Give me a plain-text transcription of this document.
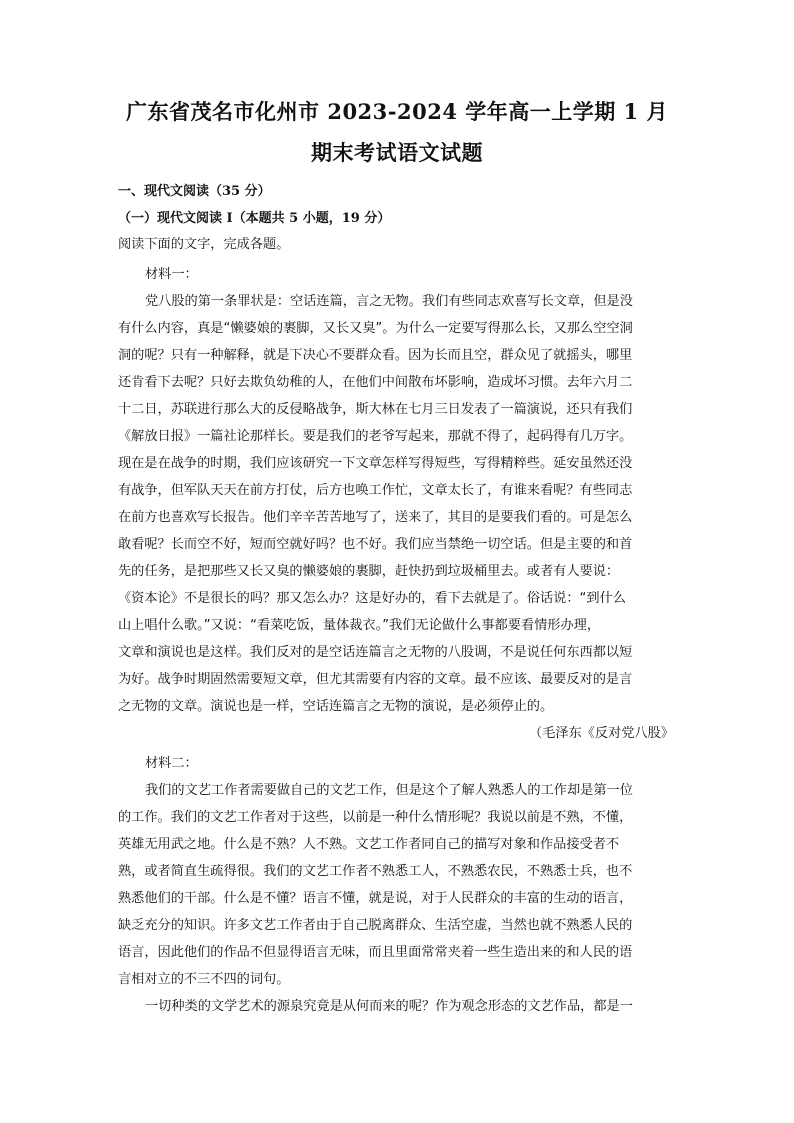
广东省茂名市化州市 2023-2024 学年高一上学期 1 月
期末考试语文试题
一、现代文阅读（35 分）
（一）现代文阅读 I（本题共 5 小题，19 分）
阅读下面的文字，完成各题。
材料一：
党八股的第一条罪状是：空话连篇，言之无物。我们有些同志欢喜写长文章，但是没
有什么内容，真是“懒婆娘的裹脚，又长又臭”。为什么一定要写得那么长，又那么空空洞
洞的呢？只有一种解释，就是下决心不要群众看。因为长而且空，群众见了就摇头，哪里
还肯看下去呢？只好去欺负幼稚的人，在他们中间散布坏影响，造成坏习惯。去年六月二
十二日，苏联进行那么大的反侵略战争，斯大林在七月三日发表了一篇演说，还只有我们
《解放日报》一篇社论那样长。要是我们的老爷写起来，那就不得了，起码得有几万字。
现在是在战争的时期，我们应该研究一下文章怎样写得短些，写得精粹些。延安虽然还没
有战争，但军队天天在前方打仗，后方也唤工作忙，文章太长了，有谁来看呢？有些同志
在前方也喜欢写长报告。他们辛辛苦苦地写了，送来了，其目的是要我们看的。可是怎么
敢看呢？长而空不好，短而空就好吗？也不好。我们应当禁绝一切空话。但是主要的和首
先的任务，是把那些又长又臭的懒婆娘的裹脚，赶快扔到垃圾桶里去。或者有人要说：
《资本论》不是很长的吗？那又怎么办？这是好办的，看下去就是了。俗话说：“到什么
山上唱什么歌。”又说：“看菜吃饭，量体裁衣。”我们无论做什么事都要看情形办理，
文章和演说也是这样。我们反对的是空话连篇言之无物的八股调，不是说任何东西都以短
为好。战争时期固然需要短文章，但尤其需要有内容的文章。最不应该、最要反对的是言
之无物的文章。演说也是一样，空话连篇言之无物的演说，是必须停止的。
（毛泽东《反对党八股》
材料二：
我们的文艺工作者需要做自己的文艺工作，但是这个了解人熟悉人的工作却是第一位
的工作。我们的文艺工作者对于这些，以前是一种什么情形呢？我说以前是不熟，不懂，
英雄无用武之地。什么是不熟？人不熟。文艺工作者同自己的描写对象和作品接受者不
熟，或者简直生疏得很。我们的文艺工作者不熟悉工人，不熟悉农民，不熟悉士兵，也不
熟悉他们的干部。什么是不懂？语言不懂，就是说，对于人民群众的丰富的生动的语言，
缺乏充分的知识。许多文艺工作者由于自己脱离群众、生活空虚，当然也就不熟悉人民的
语言，因此他们的作品不但显得语言无味，而且里面常常夹着一些生造出来的和人民的语
言相对立的不三不四的词句。
一切种类的文学艺术的源泉究竟是从何而来的呢？作为观念形态的文艺作品，都是一
